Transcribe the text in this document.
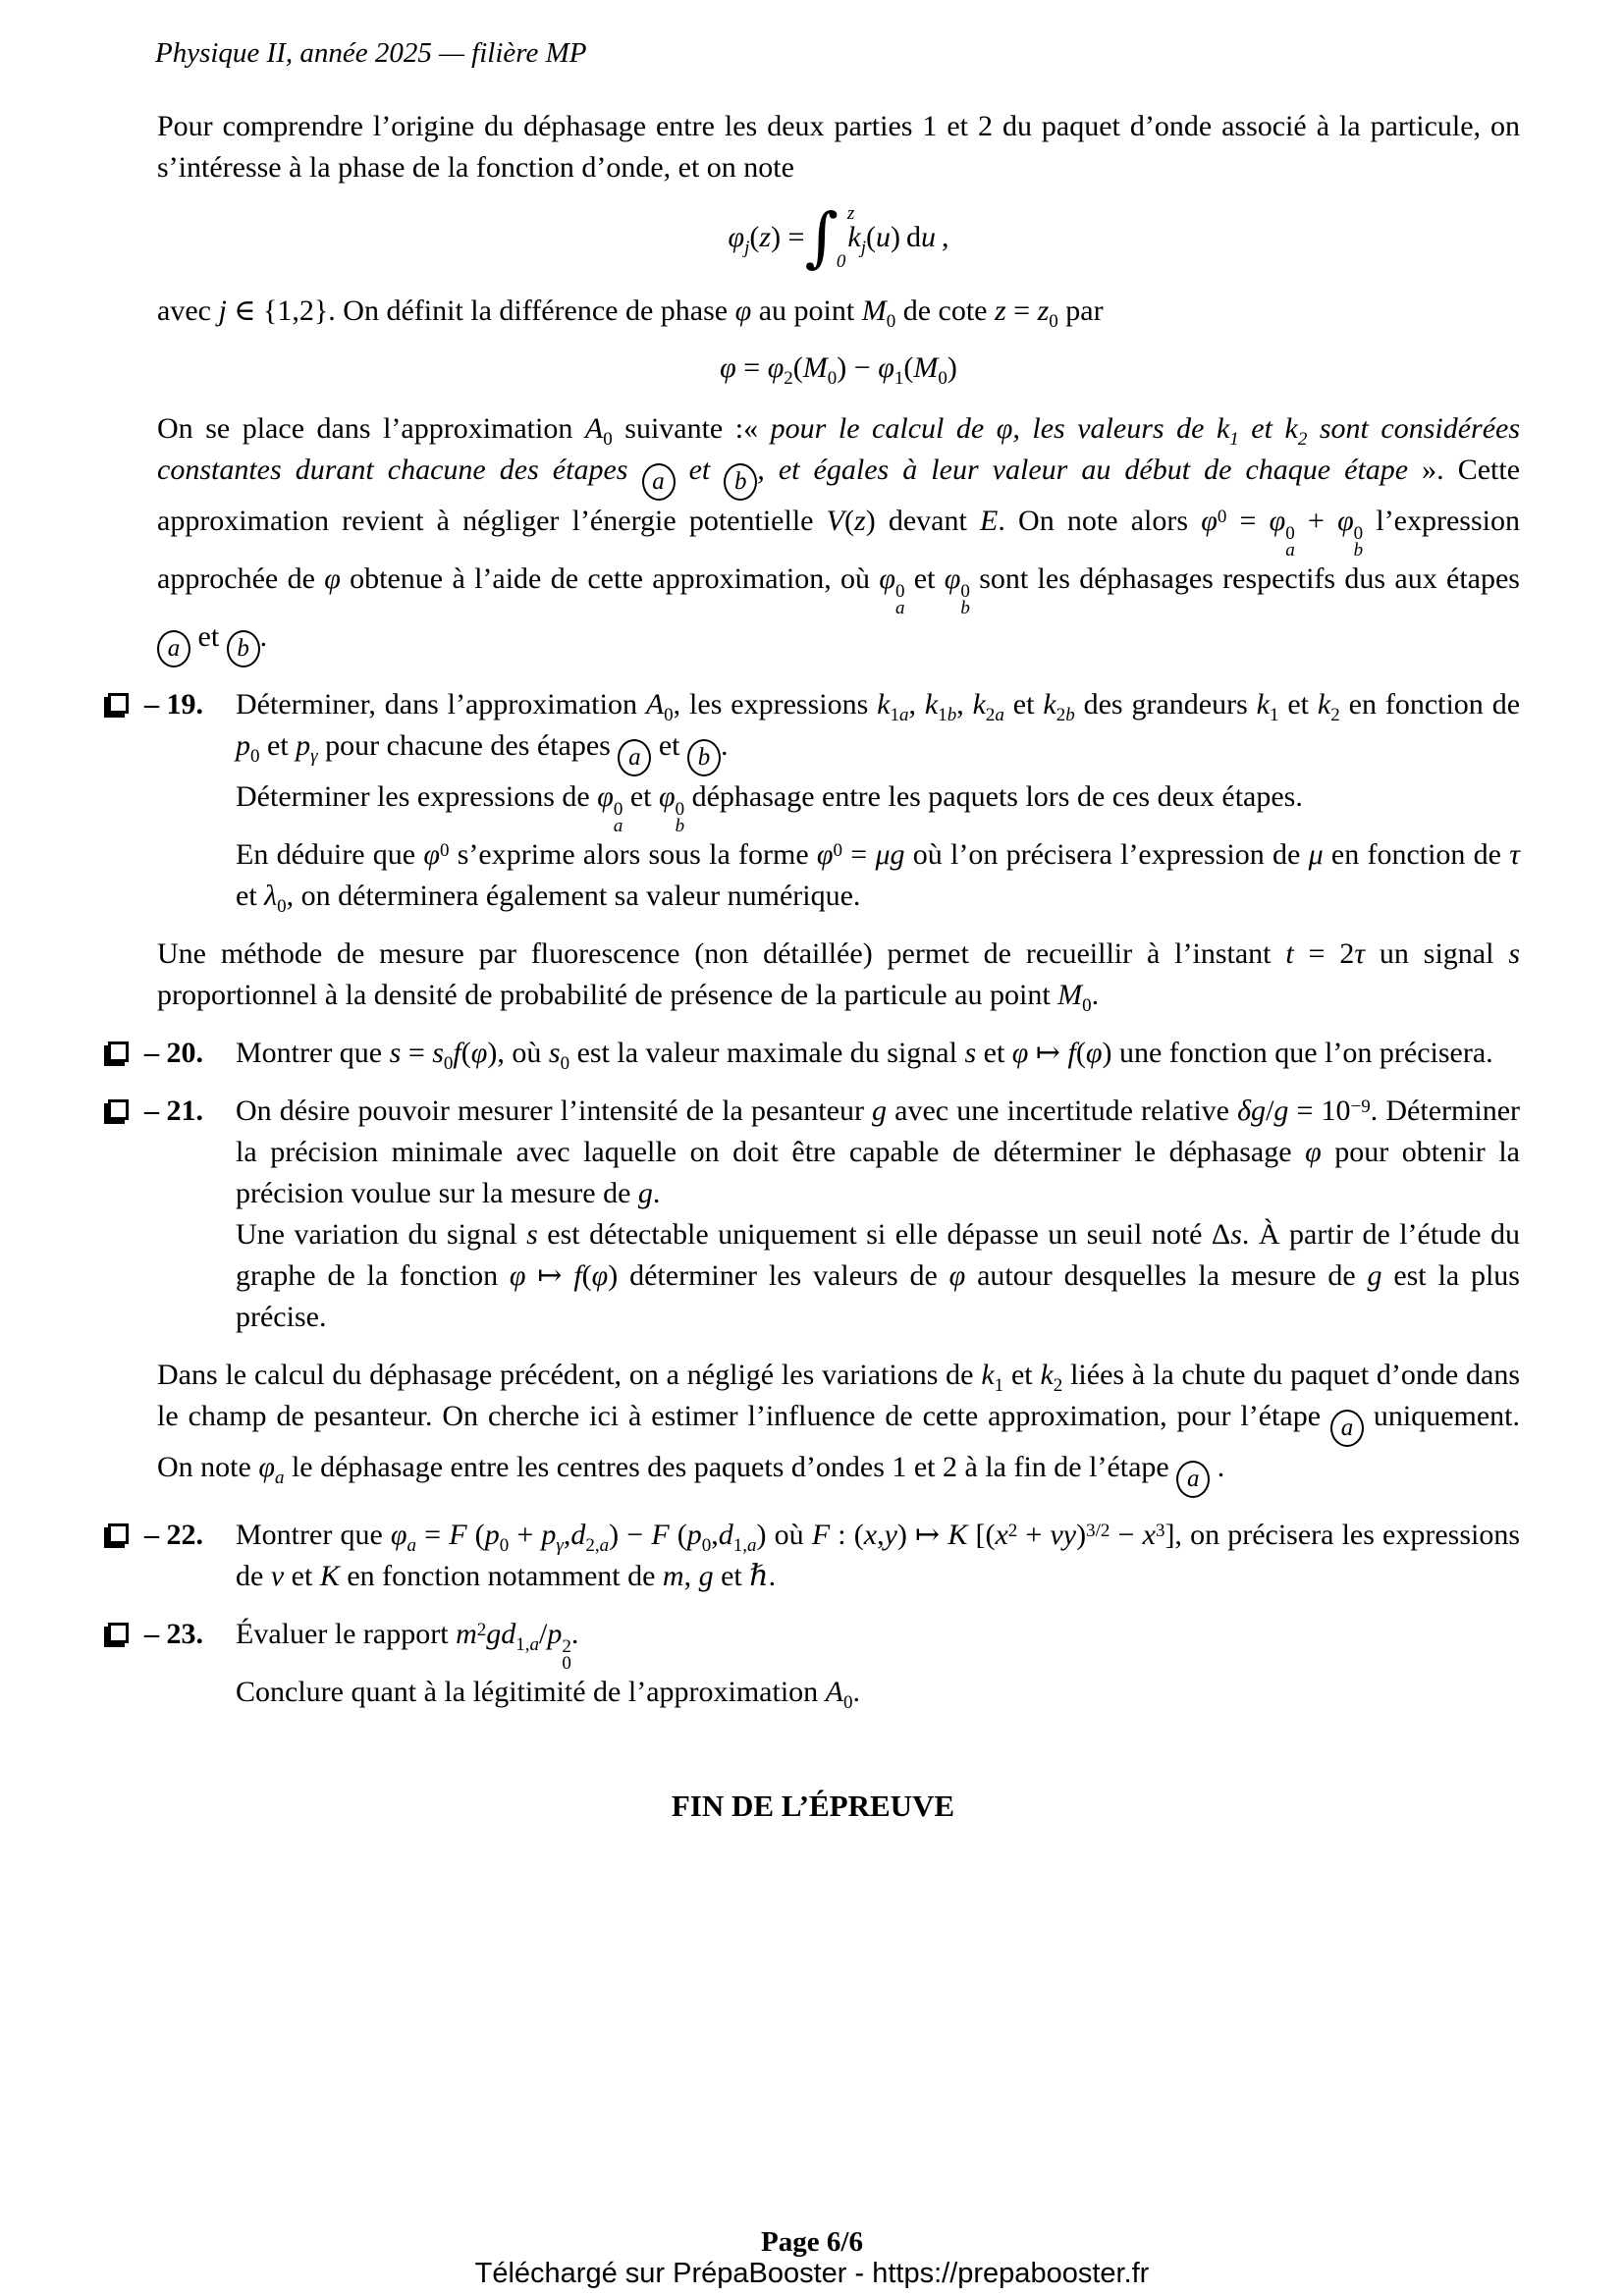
Physique II, année 2025 — filière MP

Pour comprendre l’origine du déphasage entre les deux parties 1 et 2 du paquet d’onde associé à la particule, on s’intéresse à la phase de la fonction d’onde, et on note

$\varphi_j(z)$ = ∫ z
0
$k_j(u)$ du ,

avec j ∈ {1,2}. On définit la différence de phase φ au point $M_0$ de cote $z = z_0$ par

$\varphi = \varphi_2(M_0) - \varphi_1(M_0)$

On se place dans l’approximation $A_0$ suivante :« pour le calcul de φ, les valeurs de $k_1$ et $k_2$ sont considérées constantes durant chacune des étapes a et b , et égales à leur valeur au début de chaque étape ». Cette approximation revient à négliger l’énergie potentielle V(z) devant E. On note alors $\varphi^0 = \varphi$ 0
a
+ φ 0
b
l’expression approchée de φ obtenue à l’aide de cette approximation, où φ 0
a
et φ 0
b
sont les déphasages respectifs dus aux étapes a et b .

– 19. Déterminer, dans l’approximation $A_0$, les expressions $k_{1a}$, $k_{1b}$, $k_{2a}$ et $k_{2b}$ des grandeurs $k_1$ et $k_2$ en fonction de $p_0$ et $p_\gamma$ pour chacune des étapes a et b .
Déterminer les expressions de φ 0
a
et φ 0
b
déphasage entre les paquets lors de ces deux étapes.
En déduire que $\varphi^0$ s’exprime alors sous la forme $\varphi^0 = \mu g$ où l’on précisera l’expression de μ en fonction de τ et $\lambda_0$, on déterminera également sa valeur numérique.

Une méthode de mesure par fluorescence (non détaillée) permet de recueillir à l’instant t = 2τ un signal s proportionnel à la densité de probabilité de présence de la particule au point $M_0$.

– 20. Montrer que $s = s_0f(\varphi)$, où $s_0$ est la valeur maximale du signal s et φ ↦ f(φ) une fonction que l’on précisera.
– 21. On désire pouvoir mesurer l’intensité de la pesanteur g avec une incertitude relative $\delta g/g = 10^{-9}$. Déterminer la précision minimale avec laquelle on doit être capable de déterminer le déphasage φ pour obtenir la précision voulue sur la mesure de g.
Une variation du signal s est détectable uniquement si elle dépasse un seuil noté Δs. À partir de l’étude du graphe de la fonction φ ↦ f(φ) déterminer les valeurs de φ autour desquelles la mesure de g est la plus précise.

Dans le calcul du déphasage précédent, on a négligé les variations de $k_1$ et $k_2$ liées à la chute du paquet d’onde dans le champ de pesanteur. On cherche ici à estimer l’influence de cette approximation, pour l’étape a uniquement. On note $\varphi_a$ le déphasage entre les centres des paquets d’ondes 1 et 2 à la fin de l’étape a .

– 22. Montrer que $\varphi_a = F$ $(p_0 + p_\gamma,d_{2,a}) - F$ $(p_0,d_{1,a})$ où F : (x,y) ↦ K $[(x^2 + \nu y)^{3/2} - x^3]$, on précisera les expressions de ν et K en fonction notamment de m, g et ℏ.
– 23. Évaluer le rapport $m^2gd_{1,a}/p$ 2
0
.
Conclure quant à la légitimité de l’approximation $A_0$.
FIN DE L’ÉPREUVE
Page 6/6
Téléchargé sur PrépaBooster - https://prepabooster.fr
